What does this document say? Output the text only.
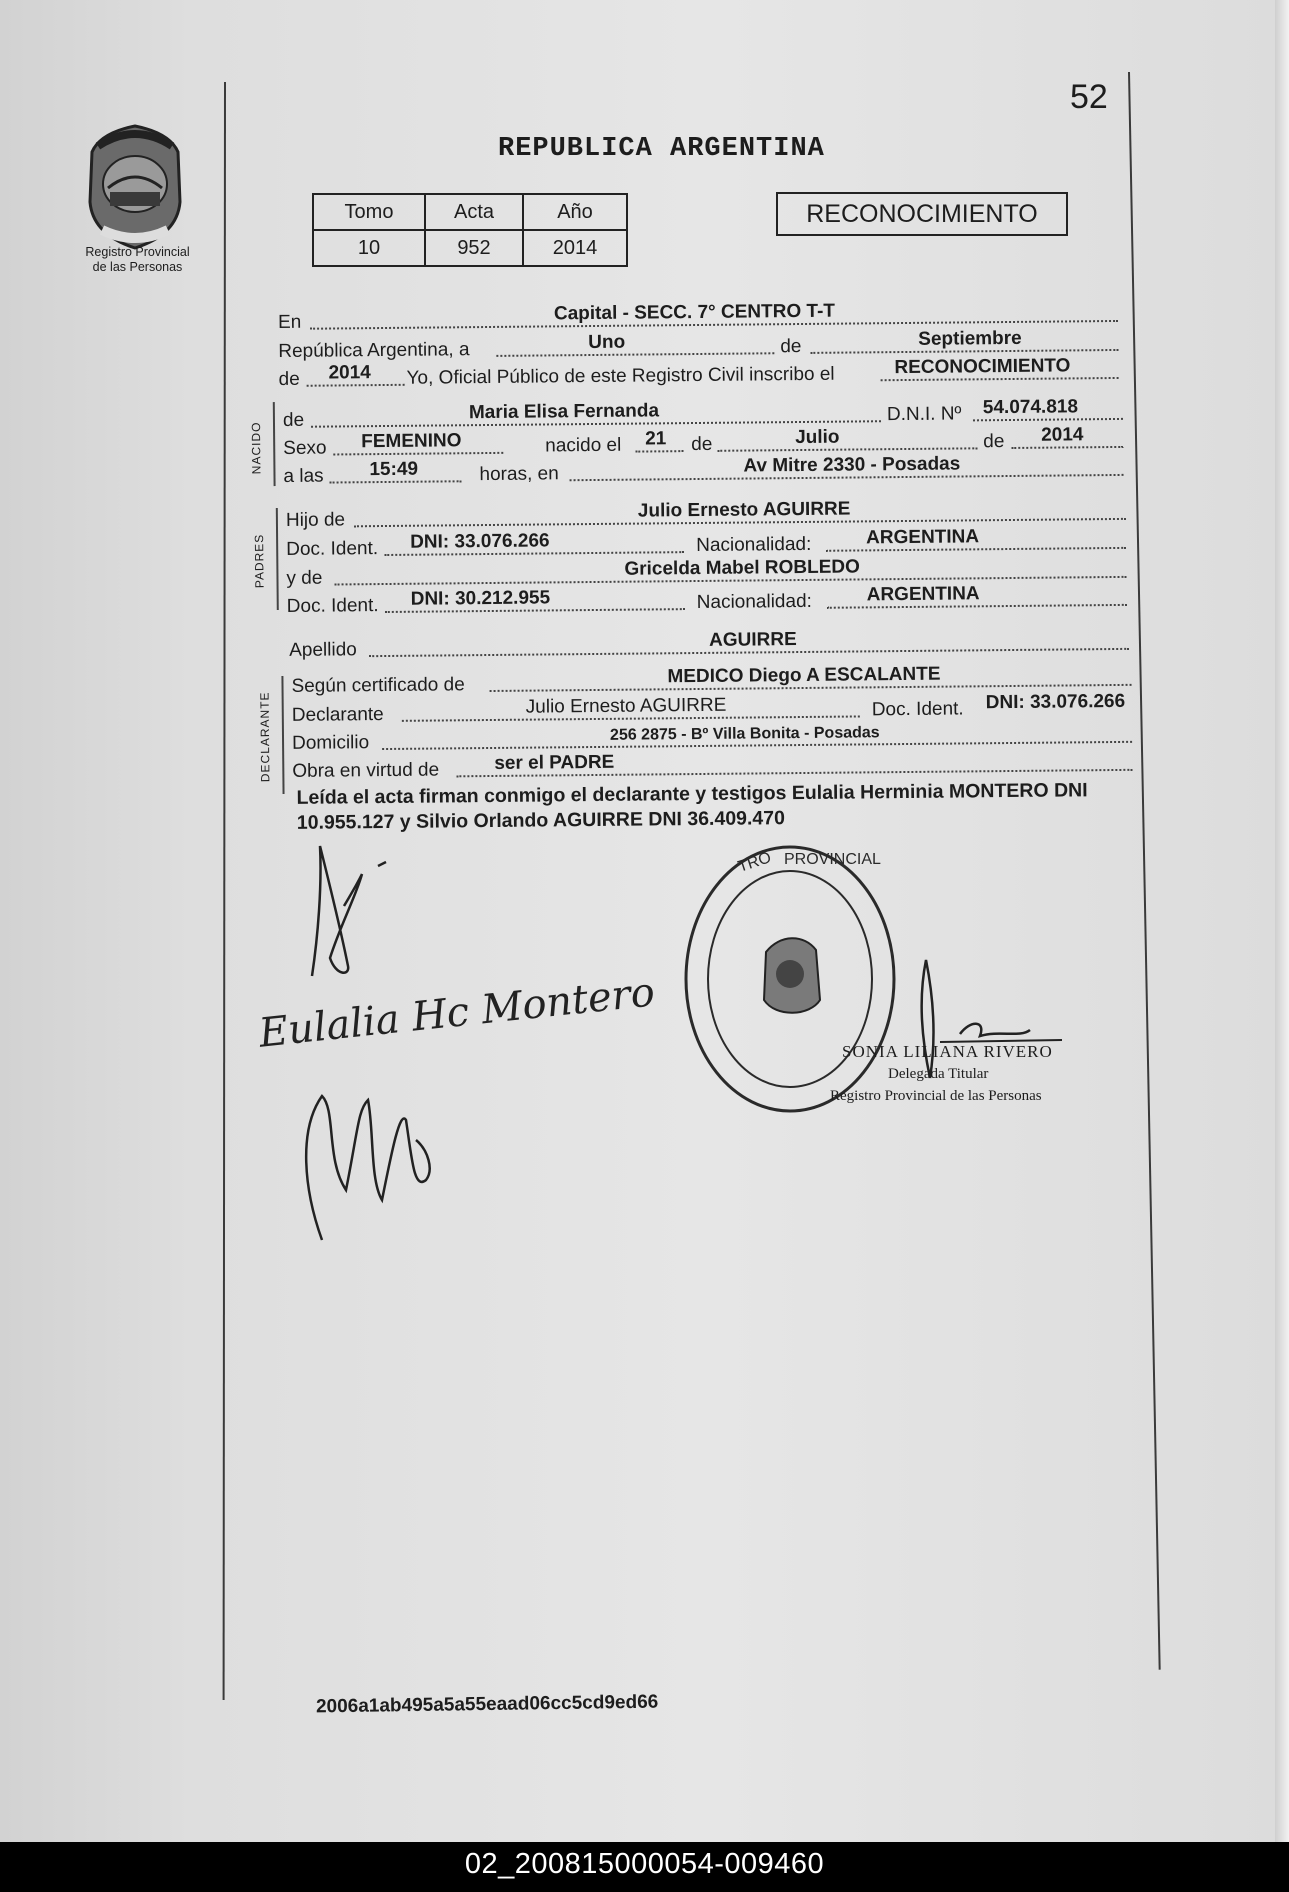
52
Registro Provincial
de las Personas
REPUBLICA ARGENTINA
Tomo	Acta	Año
10	952	2014
RECONOCIMIENTO
En	Capital - SECC. 7° CENTRO T-T
República Argentina, a	Uno	de	Septiembre
de 2014 Yo, Oficial Público de este Registro Civil inscribo el	RECONOCIMIENTO
NACIDO
de	Maria Elisa Fernanda	D.N.I. Nº 54.074.818
Sexo FEMENINO	nacido el 21 de	Julio	de 2014
a las 15:49	horas, en	Av Mitre 2330 - Posadas
PADRES
Hijo de	Julio Ernesto AGUIRRE
Doc. Ident. DNI: 33.076.266	Nacionalidad:	ARGENTINA
y de	Gricelda Mabel ROBLEDO
Doc. Ident. DNI: 30.212.955	Nacionalidad:	ARGENTINA
Apellido	AGUIRRE
DECLARANTE
Según certificado de	MEDICO Diego A ESCALANTE
Declarante	Julio Ernesto AGUIRRE	Doc. Ident. DNI: 33.076.266
Domicilio	256 2875 - Bº Villa Bonita - Posadas
Obra en virtud de	ser el PADRE
Leída el acta firman conmigo el declarante y testigos Eulalia Herminia MONTERO DNI 10.955.127 y Silvio Orlando AGUIRRE DNI 36.409.470
Eulalia Hc Montero
TRO PROVINCIAL
SONIA LILIANA RIVERO
Delegada Titular
Registro Provincial de las Personas
2006a1ab495a5a55eaad06cc5cd9ed66
02_200815000054-009460
